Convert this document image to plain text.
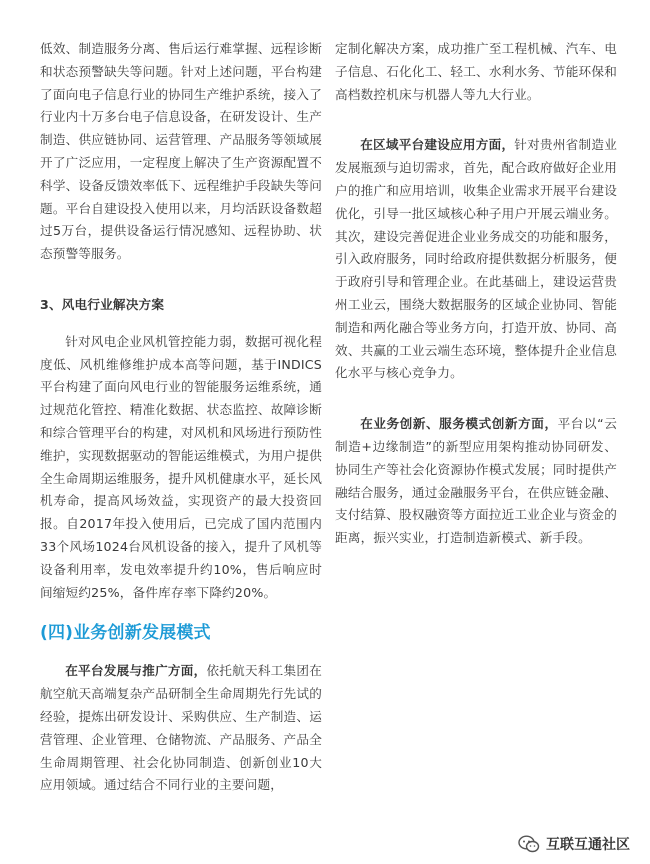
低效、制造服务分离、售后运行难掌握、远程诊断和状态预警缺失等问题。针对上述问题，平台构建了面向电子信息行业的协同生产维护系统，接入了行业内十万多台电子信息设备，在研发设计、生产制造、供应链协同、运营管理、产品服务等领域展开了广泛应用，一定程度上解决了生产资源配置不科学、设备反馈效率低下、远程维护手段缺失等问题。平台自建设投入使用以来，月均活跃设备数超过5万台，提供设备运行情况感知、远程协助、状态预警等服务。

3、风电行业解决方案

针对风电企业风机管控能力弱，数据可视化程度低、风机维修维护成本高等问题，基于INDICS平台构建了面向风电行业的智能服务运维系统，通过规范化管控、精准化数据、状态监控、故障诊断和综合管理平台的构建，对风机和风场进行预防性维护，实现数据驱动的智能运维模式，为用户提供全生命周期运维服务，提升风机健康水平，延长风机寿命，提高风场效益，实现资产的最大投资回报。自2017年投入使用后，已完成了国内范围内33个风场1024台风机设备的接入，提升了风机等设备利用率，发电效率提升约10%，售后响应时间缩短约25%，备件库存率下降约20%。

(四)业务创新发展模式

在平台发展与推广方面，依托航天科工集团在航空航天高端复杂产品研制全生命周期先行先试的经验，提炼出研发设计、采购供应、生产制造、运营管理、企业管理、仓储物流、产品服务、产品全生命周期管理、社会化协同制造、创新创业10大应用领域。通过结合不同行业的主要问题，

定制化解决方案，成功推广至工程机械、汽车、电子信息、石化化工、轻工、水利水务、节能环保和高档数控机床与机器人等九大行业。

在区域平台建设应用方面，针对贵州省制造业发展瓶颈与迫切需求，首先，配合政府做好企业用户的推广和应用培训，收集企业需求开展平台建设优化，引导一批区域核心种子用户开展云端业务。其次，建设完善促进企业业务成交的功能和服务，引入政府服务，同时给政府提供数据分析服务，便于政府引导和管理企业。在此基础上，建设运营贵州工业云，围绕大数据服务的区域企业协同、智能制造和两化融合等业务方向，打造开放、协同、高效、共赢的工业云端生态环境，整体提升企业信息化水平与核心竞争力。

在业务创新、服务模式创新方面，平台以“云制造+边缘制造”的新型应用架构推动协同研发、协同生产等社会化资源协作模式发展；同时提供产融结合服务，通过金融服务平台，在供应链金融、支付结算、股权融资等方面拉近工业企业与资金的距离，振兴实业，打造制造新模式、新手段。

互联互通社区
